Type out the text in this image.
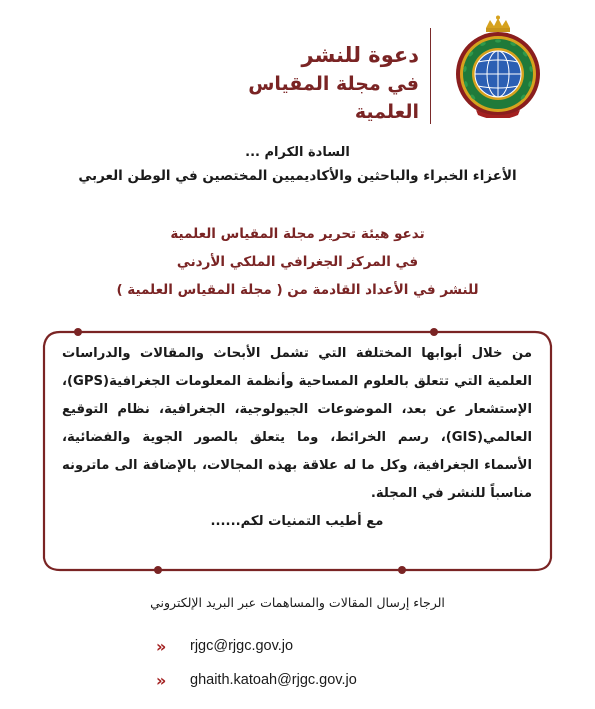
دعوة للنشر
في مجلة المقياس العلمية
السادة الكرام ...
الأعزاء الخبراء والباحثين والأكاديميين المختصين في الوطن العربي
تدعو هيئة تحرير مجلة المقياس العلمية
في المركز الجغرافي الملكي الأردني
للنشر في الأعداد القادمة من ( مجلة المقياس العلمية )
من خلال أبوابها المختلفة التي تشمل الأبحاث والمقالات والدراسات العلمية التي تتعلق بالعلوم المساحية وأنظمة المعلومات الجغرافية(GPS)، الإستشعار عن بعد، الموضوعات الجيولوجية، الجغرافية، نظام التوقيع العالمي(GIS)، رسم الخرائط، وما يتعلق بالصور الجوية والفضائية، الأسماء الجغرافية، وكل ما له علاقة بهذه المجالات، بالإضافة الى ماترونه مناسباً للنشر في المجلة.
مع أطيب التمنيات لكم......
الرجاء إرسال المقالات والمساهمات عبر البريد الإلكتروني
»	rjgc@rjgc.gov.jo
»	ghaith.katoah@rjgc.gov.jo
